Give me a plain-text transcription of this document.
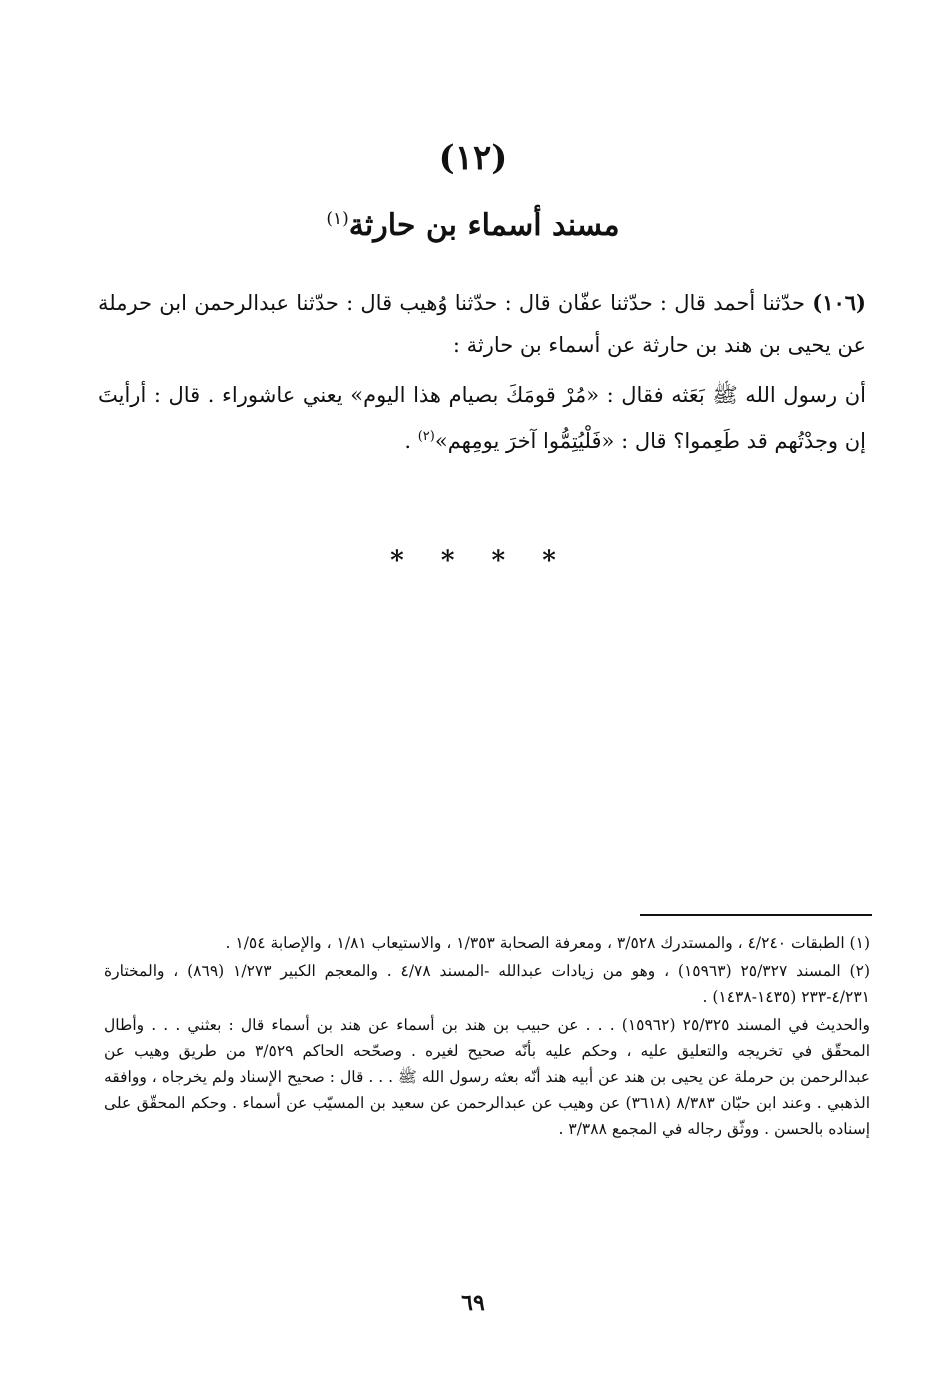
(١٢)
مسند أسماء بن حارثة$^{(١)}$

(١٠٦) حدّثنا أحمد قال : حدّثنا عفّان قال : حدّثنا وُهيب قال : حدّثنا عبدالرحمن ابن حرملة عن يحيى بن هند بن حارثة عن أسماء بن حارثة :

أن رسول الله ﷺ بَعَثه فقال : «مُرْ قومَكَ بصيام هذا اليوم» يعني عاشوراء . قال : أرأيتَ إن وجدْتُهم قد طَعِموا؟ قال : «فَلْيُتِمُّوا آخرَ يومِهم»$^{(٢)}$ .

* * * *

(١) الطبقات ٤/٢٤٠ ، والمستدرك ٣/٥٢٨ ، ومعرفة الصحابة ١/٣٥٣ ، والاستيعاب ١/٨١ ، والإصابة ١/٥٤ .

(٢) المسند ٢٥/٣٢٧ (١٥٩٦٣) ، وهو من زيادات عبدالله -المسند ٤/٧٨ . والمعجم الكبير ١/٢٧٣ (٨٦٩) ، والمختارة ٤/٢٣١-٢٣٣ (١٤٣٥-١٤٣٨) .

والحديث في المسند ٢٥/٣٢٥ (١٥٩٦٢) . . . عن حبيب بن هند بن أسماء عن هند بن أسماء قال : بعثني . . . وأطال المحقّق في تخريجه والتعليق عليه ، وحكم عليه بأنّه صحيح لغيره . وصحّحه الحاكم ٣/٥٢٩ من طريق وهيب عن عبدالرحمن بن حرملة عن يحيى بن هند عن أبيه هند أنّه بعثه رسول الله ﷺ . . . قال : صحيح الإسناد ولم يخرجاه ، ووافقه الذهبي . وعند ابن حبّان ٨/٣٨٣ (٣٦١٨) عن وهيب عن عبدالرحمن عن سعيد بن المسيّب عن أسماء . وحكم المحقّق على إسناده بالحسن . ووثّق رجاله في المجمع ٣/٣٨٨ .

٦٩
